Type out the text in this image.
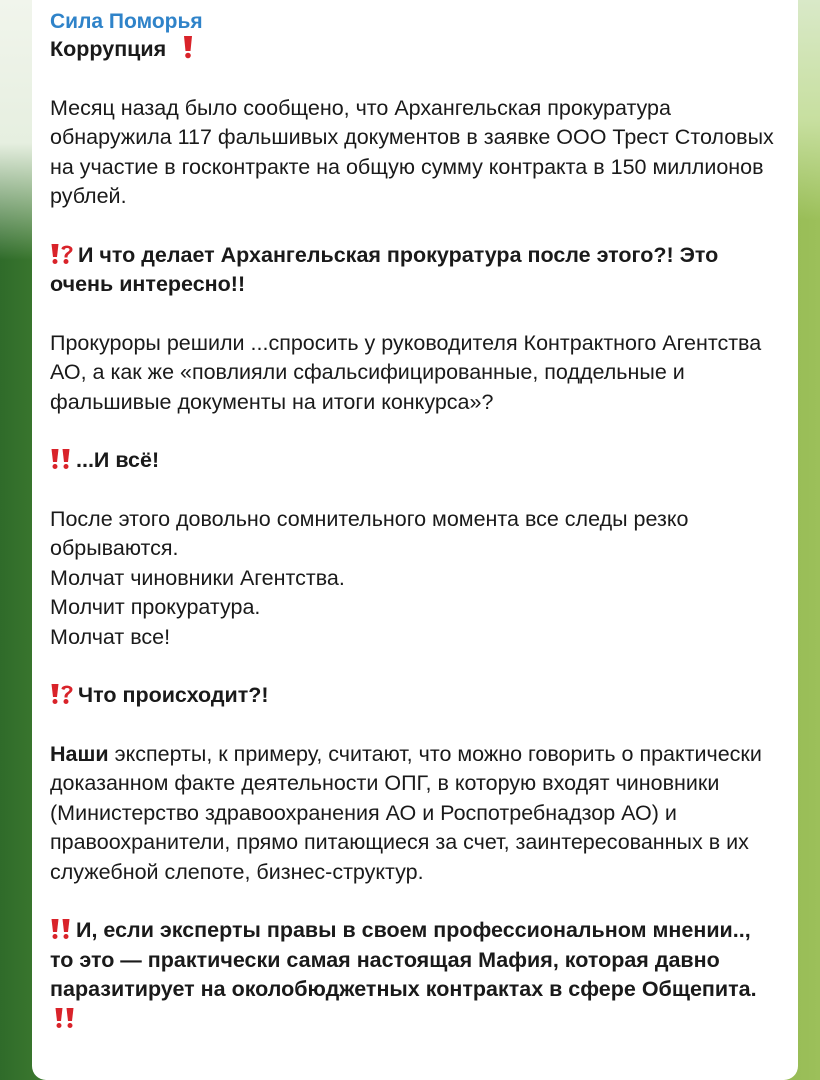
Сила Поморья

Коррупция

Месяц назад было сообщено, что Архангельская прокуратура обнаружила 117 фальшивых документов в заявке ООО Трест Столовых на участие в госконтракте на общую сумму контракта в 150 миллионов рублей.

И что делает Архангельская прокуратура после этого?! Это очень интересно!!

Прокуроры решили ...спросить у руководителя Контрактного Агентства АО, а как же «повлияли сфальсифицированные, поддельные и фальшивые документы на итоги конкурса»?

...И всё!

После этого довольно сомнительного момента все следы резко обрываются.

Молчат чиновники Агентства.

Молчит прокуратура.

Молчат все!

Что происходит?!

Наши эксперты, к примеру, считают, что можно говорить о практически доказанном факте деятельности ОПГ, в которую входят чиновники (Министерство здравоохранения АО и Роспотребнадзор АО) и правоохранители, прямо питающиеся за счет, заинтересованных в их служебной слепоте, бизнес-структур.

И, если эксперты правы в своем профессиональном мнении.., то это — практически самая настоящая Мафия, которая давно паразитирует на околобюджетных контрактах в сфере Общепита.
